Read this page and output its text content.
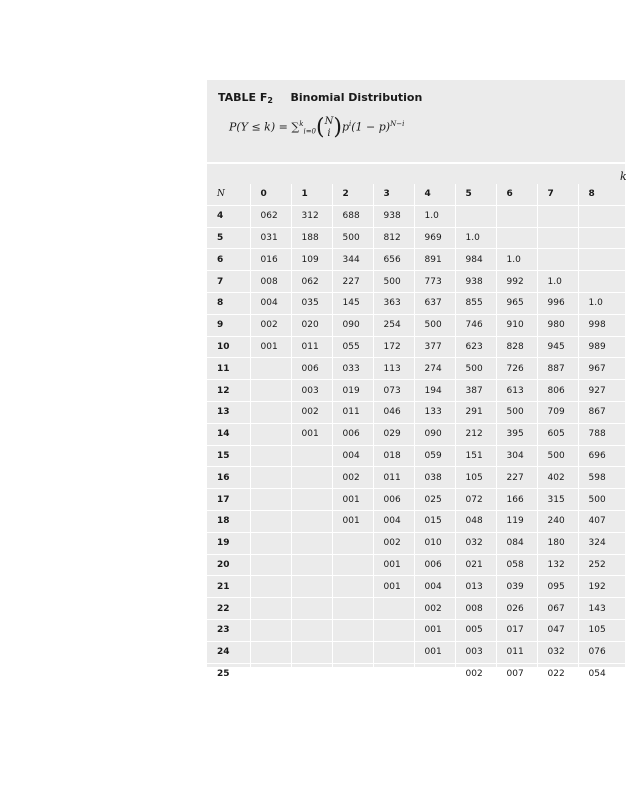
TABLE F2 Binomial Distribution
P(Y ≤ k) = ∑$^k_{i=0}$(N
i )$p^i(1 - p)^{N-i}$
k
N	0	1	2	3	4	5	6	7	8	
4	062	312	688	938	1.0					
5	031	188	500	812	969	1.0				
6	016	109	344	656	891	984	1.0			
7	008	062	227	500	773	938	992	1.0		
8	004	035	145	363	637	855	965	996	1.0	
9	002	020	090	254	500	746	910	980	998	
10	001	011	055	172	377	623	828	945	989	
11		006	033	113	274	500	726	887	967	
12		003	019	073	194	387	613	806	927	
13		002	011	046	133	291	500	709	867	
14		001	006	029	090	212	395	605	788	
15			004	018	059	151	304	500	696	
16			002	011	038	105	227	402	598	
17			001	006	025	072	166	315	500	
18			001	004	015	048	119	240	407	
19				002	010	032	084	180	324	
20				001	006	021	058	132	252	
21				001	004	013	039	095	192	
22					002	008	026	067	143	
23					001	005	017	047	105	
24					001	003	011	032	076	
25						002	007	022	054	
